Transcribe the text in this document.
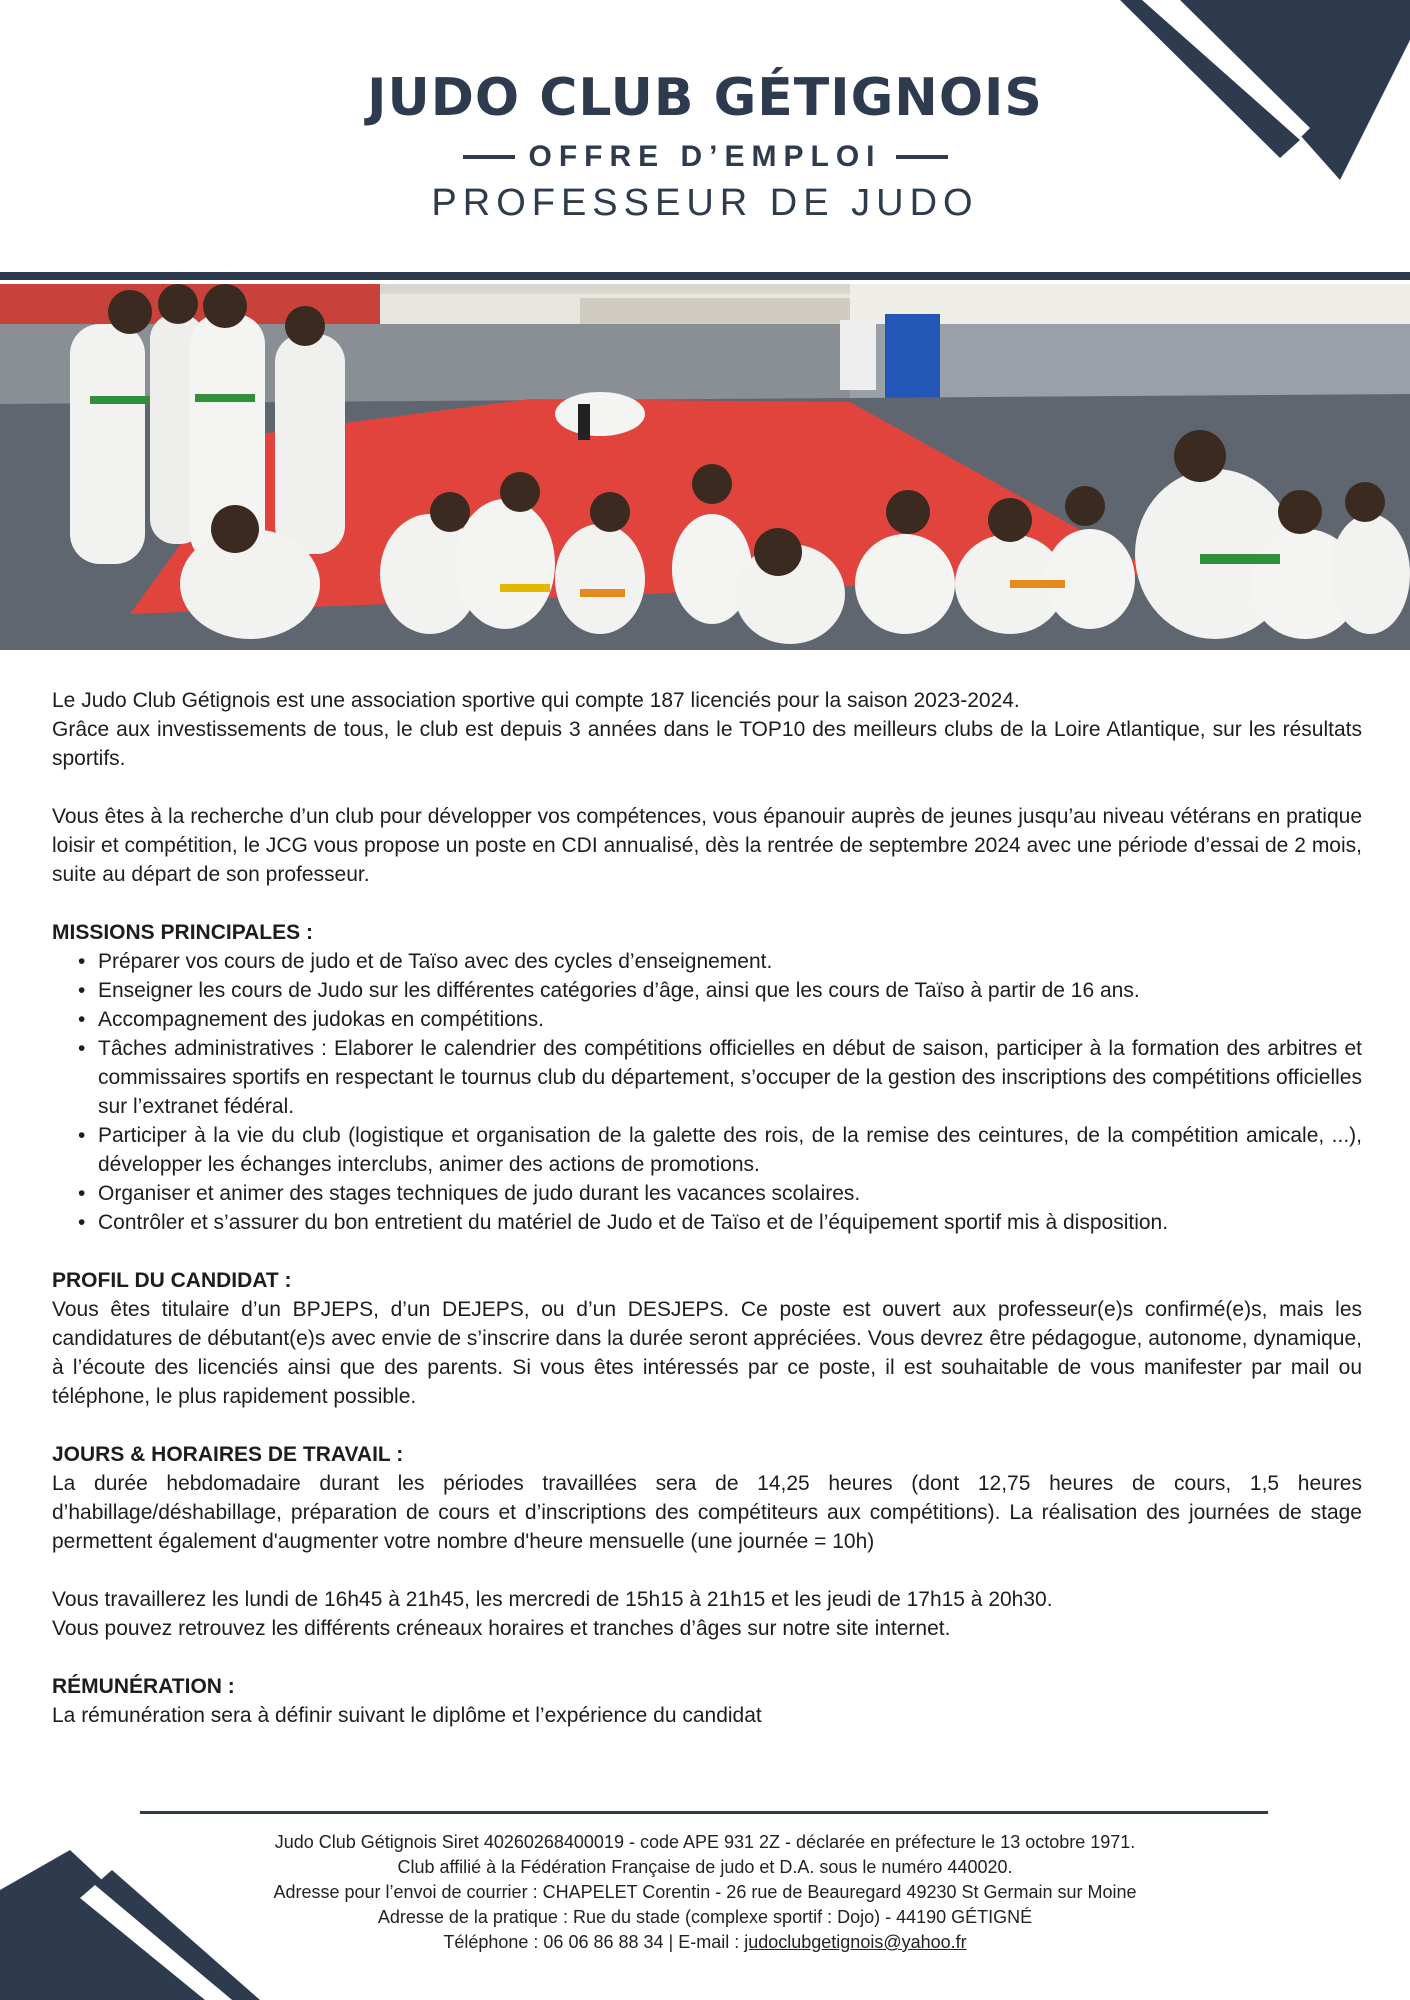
JUDO CLUB GÉTIGNOIS
OFFRE D’EMPLOI
PROFESSEUR DE JUDO

Le Judo Club Gétignois est une association sportive qui compte 187 licenciés pour la saison 2023-2024.

Grâce aux investissements de tous, le club est depuis 3 années dans le TOP10 des meilleurs clubs de la Loire Atlantique, sur les résultats sportifs.

Vous êtes à la recherche d’un club pour développer vos compétences, vous épanouir auprès de jeunes jusqu’au niveau vétérans en pratique loisir et compétition, le JCG vous propose un poste en CDI annualisé, dès la rentrée de septembre 2024 avec une période d’essai de 2 mois, suite au départ de son professeur.

MISSIONS PRINCIPALES :

• Préparer vos cours de judo et de Taïso avec des cycles d’enseignement.
• Enseigner les cours de Judo sur les différentes catégories d’âge, ainsi que les cours de Taïso à partir de 16 ans.
• Accompagnement des judokas en compétitions.
• Tâches administratives : Elaborer le calendrier des compétitions officielles en début de saison, participer à la formation des arbitres et commissaires sportifs en respectant le tournus club du département, s’occuper de la gestion des inscriptions des compétitions officielles sur l’extranet fédéral.
• Participer à la vie du club (logistique et organisation de la galette des rois, de la remise des ceintures, de la compétition amicale, ...), développer les échanges interclubs, animer des actions de promotions.
• Organiser et animer des stages techniques de judo durant les vacances scolaires.
• Contrôler et s’assurer du bon entretient du matériel de Judo et de Taïso et de l’équipement sportif mis à disposition.

PROFIL DU CANDIDAT :

Vous êtes titulaire d’un BPJEPS, d’un DEJEPS, ou d’un DESJEPS. Ce poste est ouvert aux professeur(e)s confirmé(e)s, mais les candidatures de débutant(e)s avec envie de s’inscrire dans la durée seront appréciées. Vous devrez être pédagogue, autonome, dynamique, à l’écoute des licenciés ainsi que des parents. Si vous êtes intéressés par ce poste, il est souhaitable de vous manifester par mail ou téléphone, le plus rapidement possible.

JOURS & HORAIRES DE TRAVAIL :

La durée hebdomadaire durant les périodes travaillées sera de 14,25 heures (dont 12,75 heures de cours, 1,5 heures d’habillage/déshabillage, préparation de cours et d’inscriptions des compétiteurs aux compétitions). La réalisation des journées de stage permettent également d'augmenter votre nombre d'heure mensuelle (une journée = 10h)

Vous travaillerez les lundi de 16h45 à 21h45, les mercredi de 15h15 à 21h15 et les jeudi de 17h15 à 20h30.

Vous pouvez retrouvez les différents créneaux horaires et tranches d’âges sur notre site internet.

RÉMUNÉRATION :

La rémunération sera à définir suivant le diplôme et l’expérience du candidat

Judo Club Gétignois Siret 40260268400019 - code APE 931 2Z - déclarée en préfecture le 13 octobre 1971.
Club affilié à la Fédération Française de judo et D.A. sous le numéro 440020.
Adresse pour l’envoi de courrier : CHAPELET Corentin - 26 rue de Beauregard 49230 St Germain sur Moine
Adresse de la pratique : Rue du stade (complexe sportif : Dojo) - 44190 GÉTIGNÉ
Téléphone : 06 06 86 88 34 | E-mail : judoclubgetignois@yahoo.fr
